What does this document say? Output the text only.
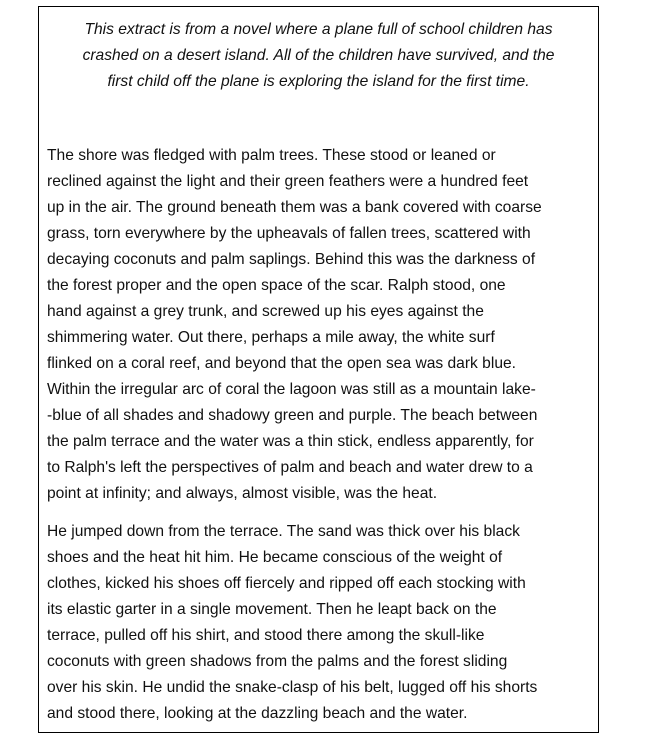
This extract is from a novel where a plane full of school children has
crashed on a desert island. All of the children have survived, and the
first child off the plane is exploring the island for the first time.

The shore was fledged with palm trees. These stood or leaned or
reclined against the light and their green feathers were a hundred feet
up in the air. The ground beneath them was a bank covered with coarse
grass, torn everywhere by the upheavals of fallen trees, scattered with
decaying coconuts and palm saplings. Behind this was the darkness of
the forest proper and the open space of the scar. Ralph stood, one
hand against a grey trunk, and screwed up his eyes against the
shimmering water. Out there, perhaps a mile away, the white surf
flinked on a coral reef, and beyond that the open sea was dark blue.
Within the irregular arc of coral the lagoon was still as a mountain lake-
-blue of all shades and shadowy green and purple. The beach between
the palm terrace and the water was a thin stick, endless apparently, for
to Ralph's left the perspectives of palm and beach and water drew to a
point at infinity; and always, almost visible, was the heat.

He jumped down from the terrace. The sand was thick over his black
shoes and the heat hit him. He became conscious of the weight of
clothes, kicked his shoes off fiercely and ripped off each stocking with
its elastic garter in a single movement. Then he leapt back on the
terrace, pulled off his shirt, and stood there among the skull-like
coconuts with green shadows from the palms and the forest sliding
over his skin. He undid the snake-clasp of his belt, lugged off his shorts
and stood there, looking at the dazzling beach and the water.
